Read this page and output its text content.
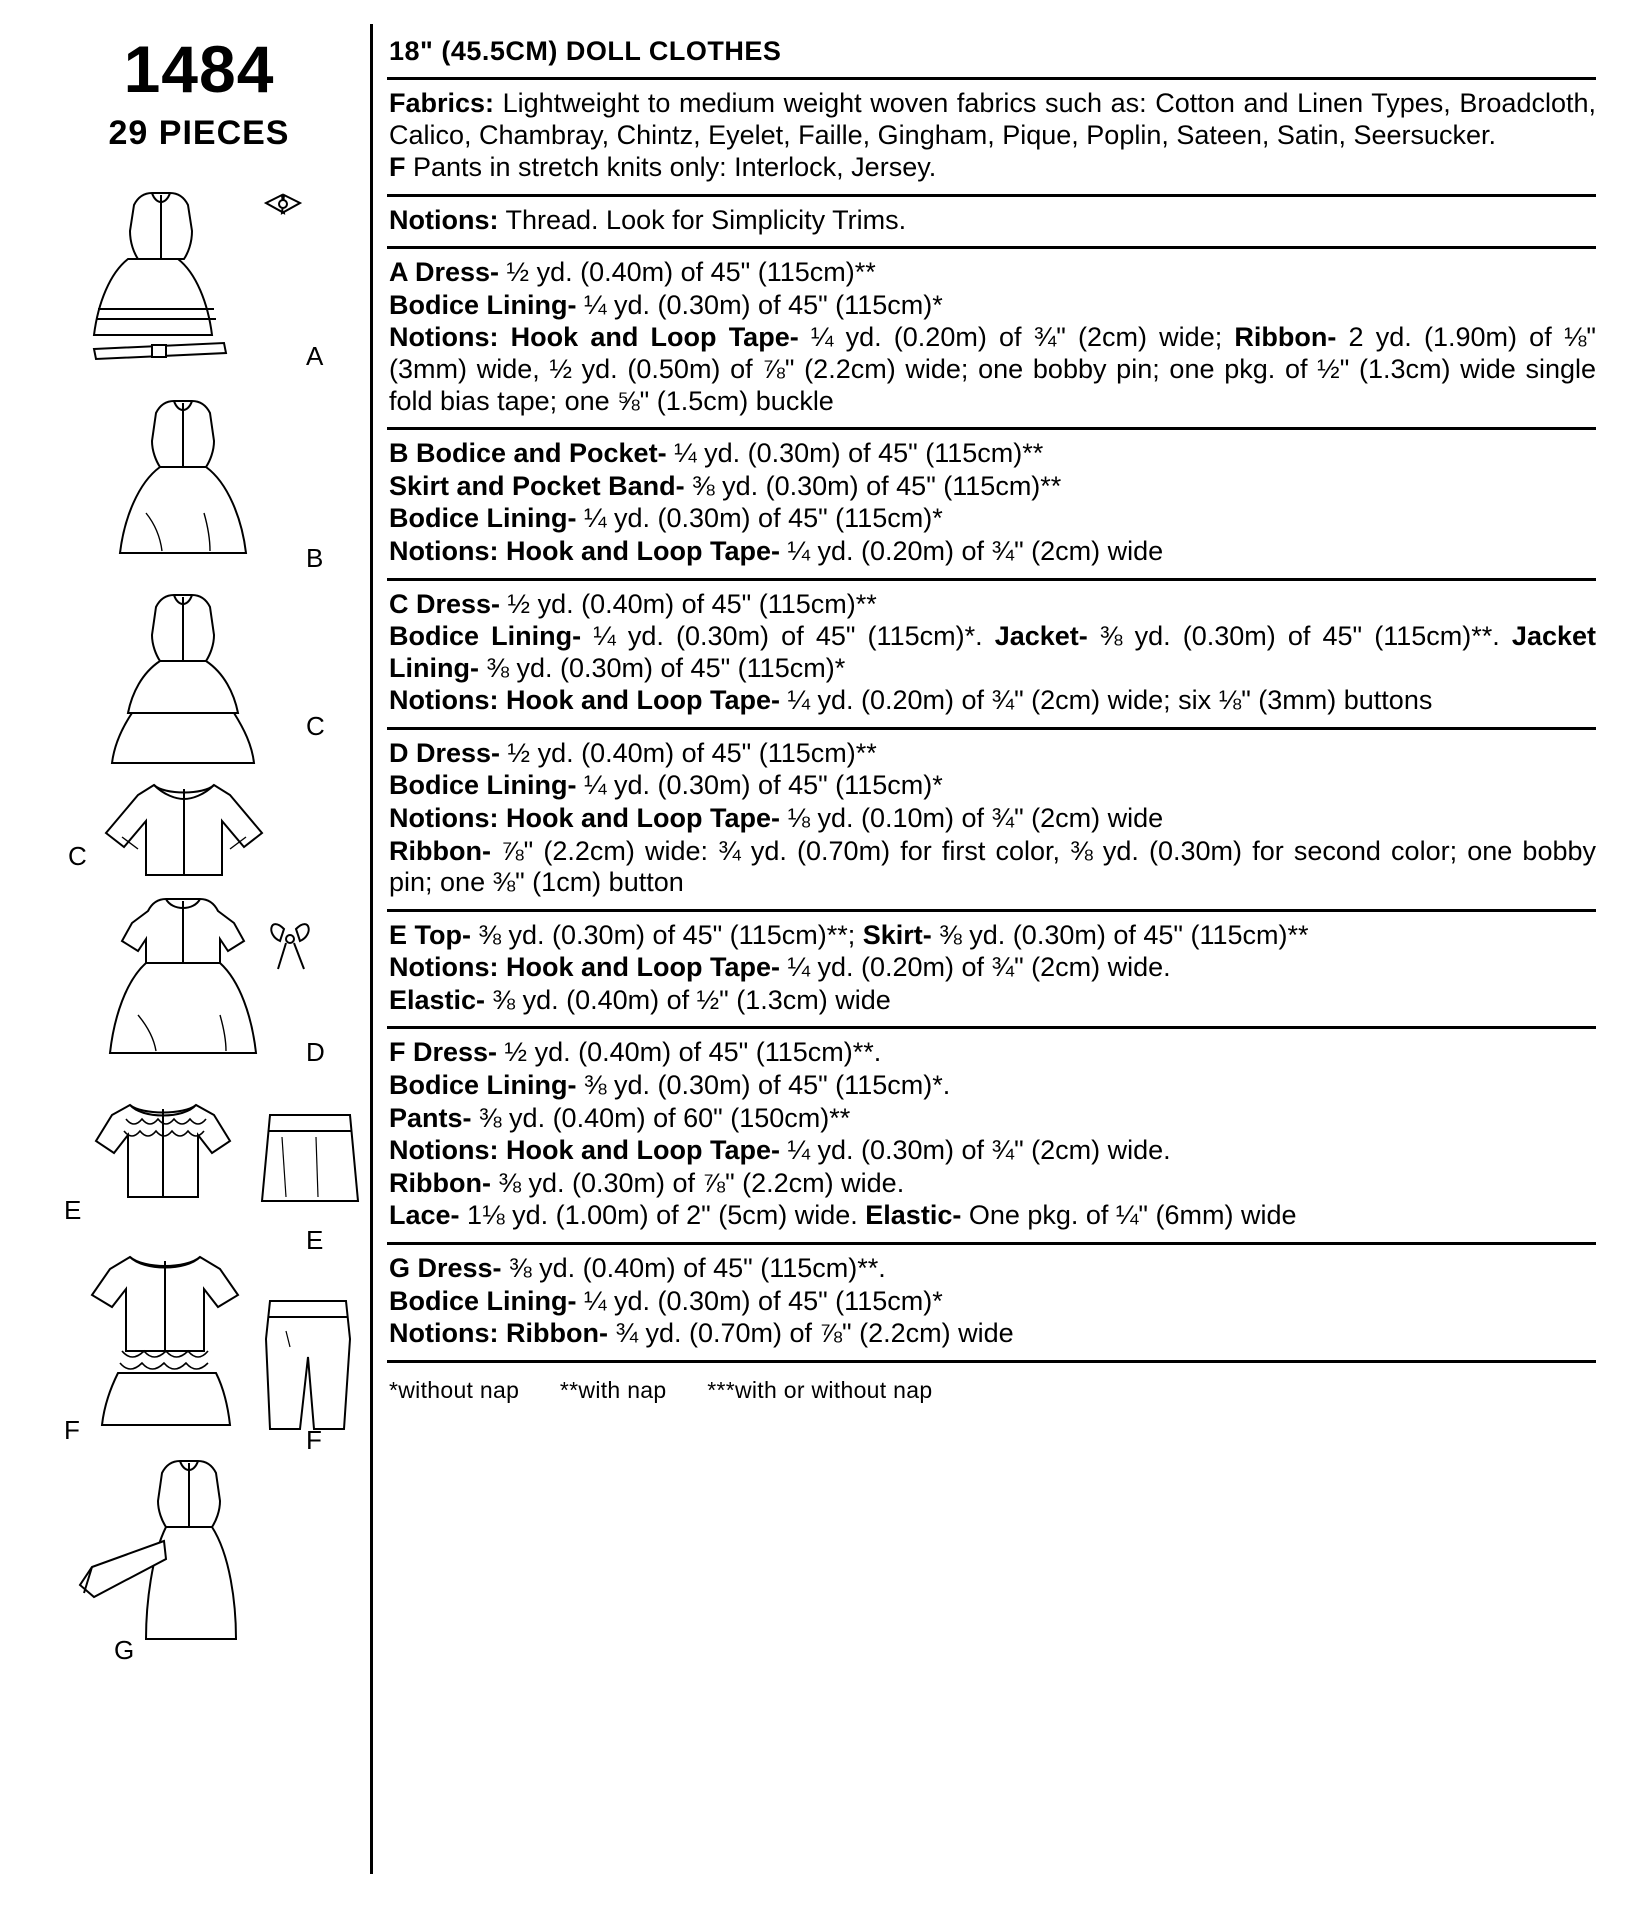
1484
29 PIECES
A
B
C
C
D
E
E
F	F
G
18" (45.5CM) DOLL CLOTHES
Fabrics: Lightweight to medium weight woven fabrics such as: Cotton and Linen Types, Broadcloth, Calico, Chambray, Chintz, Eyelet, Faille, Gingham, Pique, Poplin, Sateen, Satin, Seersucker.
F Pants in stretch knits only: Interlock, Jersey.
Notions: Thread. Look for Simplicity Trims.
A Dress- ½ yd. (0.40m) of 45" (115cm)**
Bodice Lining- ¼ yd. (0.30m) of 45" (115cm)*
Notions: Hook and Loop Tape- ¼ yd. (0.20m) of ¾" (2cm) wide; Ribbon- 2 yd. (1.90m) of ⅛" (3mm) wide, ½ yd. (0.50m) of ⅞" (2.2cm) wide; one bobby pin; one pkg. of ½" (1.3cm) wide single fold bias tape; one ⅝" (1.5cm) buckle
B Bodice and Pocket- ¼ yd. (0.30m) of 45" (115cm)**
Skirt and Pocket Band- ⅜ yd. (0.30m) of 45" (115cm)**
Bodice Lining- ¼ yd. (0.30m) of 45" (115cm)*
Notions: Hook and Loop Tape- ¼ yd. (0.20m) of ¾" (2cm) wide
C Dress- ½ yd. (0.40m) of 45" (115cm)**
Bodice Lining- ¼ yd. (0.30m) of 45" (115cm)*. Jacket- ⅜ yd. (0.30m) of 45" (115cm)**. Jacket Lining- ⅜ yd. (0.30m) of 45" (115cm)*
Notions: Hook and Loop Tape- ¼ yd. (0.20m) of ¾" (2cm) wide; six ⅛" (3mm) buttons
D Dress- ½ yd. (0.40m) of 45" (115cm)**
Bodice Lining- ¼ yd. (0.30m) of 45" (115cm)*
Notions: Hook and Loop Tape- ⅛ yd. (0.10m) of ¾" (2cm) wide
Ribbon- ⅞" (2.2cm) wide: ¾ yd. (0.70m) for first color, ⅜ yd. (0.30m) for second color; one bobby pin; one ⅜" (1cm) button
E Top- ⅜ yd. (0.30m) of 45" (115cm)**; Skirt- ⅜ yd. (0.30m) of 45" (115cm)**
Notions: Hook and Loop Tape- ¼ yd. (0.20m) of ¾" (2cm) wide.
Elastic- ⅜ yd. (0.40m) of ½" (1.3cm) wide
F Dress- ½ yd. (0.40m) of 45" (115cm)**.
Bodice Lining- ⅜ yd. (0.30m) of 45" (115cm)*.
Pants- ⅜ yd. (0.40m) of 60" (150cm)**
Notions: Hook and Loop Tape- ¼ yd. (0.30m) of ¾" (2cm) wide.
Ribbon- ⅜ yd. (0.30m) of ⅞" (2.2cm) wide.
Lace- 1⅛ yd. (1.00m) of 2" (5cm) wide. Elastic- One pkg. of ¼" (6mm) wide
G Dress- ⅜ yd. (0.40m) of 45" (115cm)**.
Bodice Lining- ¼ yd. (0.30m) of 45" (115cm)*
Notions: Ribbon- ¾ yd. (0.70m) of ⅞" (2.2cm) wide
*without nap **with nap ***with or without nap
